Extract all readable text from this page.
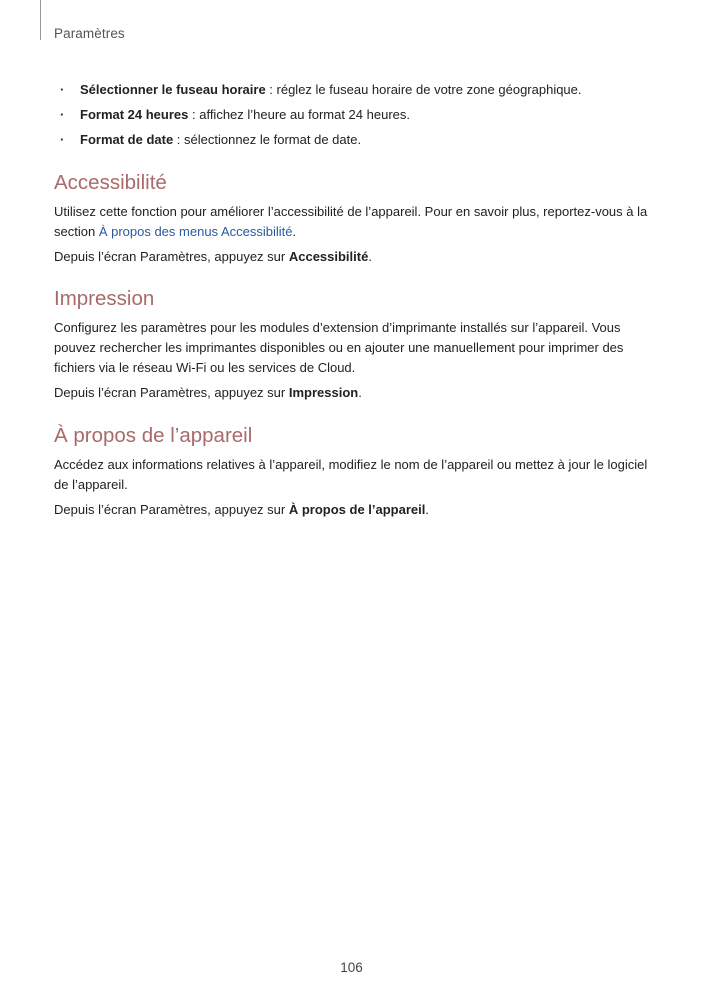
Paramètres
· Sélectionner le fuseau horaire : réglez le fuseau horaire de votre zone géographique.
· Format 24 heures : affichez l’heure au format 24 heures.
· Format de date : sélectionnez le format de date.
Accessibilité

Utilisez cette fonction pour améliorer l’accessibilité de l’appareil. Pour en savoir plus, reportez-vous à la section À propos des menus Accessibilité.

Depuis l’écran Paramètres, appuyez sur Accessibilité.

Impression

Configurez les paramètres pour les modules d’extension d’imprimante installés sur l’appareil. Vous pouvez rechercher les imprimantes disponibles ou en ajouter une manuellement pour imprimer des fichiers via le réseau Wi-Fi ou les services de Cloud.

Depuis l’écran Paramètres, appuyez sur Impression.

À propos de l’appareil

Accédez aux informations relatives à l’appareil, modifiez le nom de l’appareil ou mettez à jour le logiciel de l’appareil.

Depuis l’écran Paramètres, appuyez sur À propos de l’appareil.

106
